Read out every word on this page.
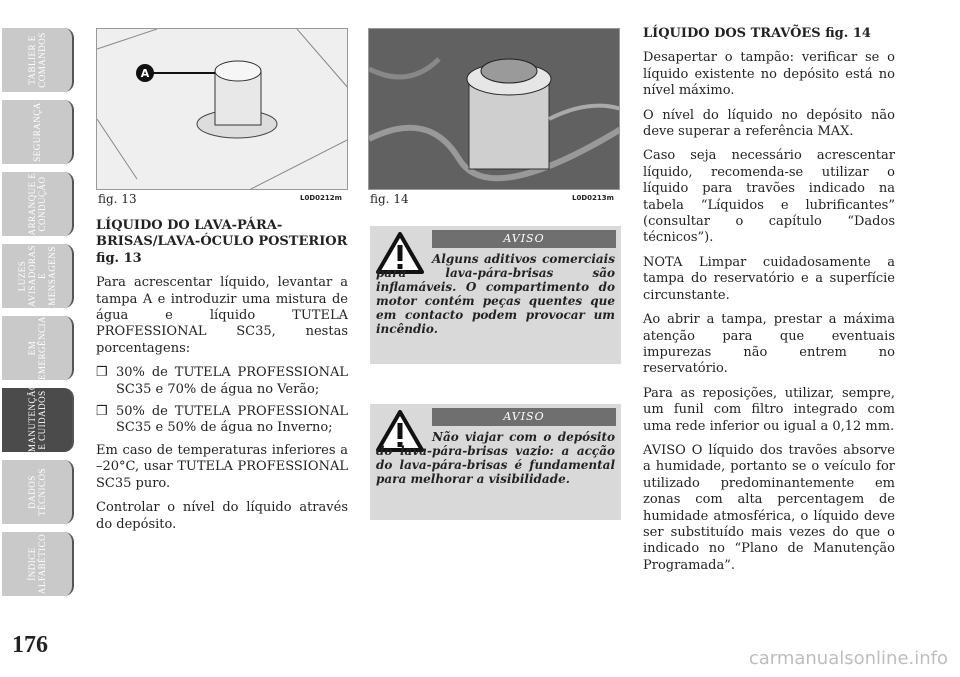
TABLIER E COMANDOS
SEGURANÇA
ARRANQUE E CONDUÇÃO
LUZES AVISADORAS E MENSAGENS
EM EMERGÊNCIA
MANUTENÇÃO E CUIDADOS
DADOS TÉCNICOS
ÍNDICE ALFABÉTICO
176
A
fig. 13	L0D0212m fig. 14	L0D0213m

LÍQUIDO DO LAVA-PÁRA-BRISAS/LAVA-ÓCULO POSTERIOR fig. 13

Para acrescentar líquido, levantar a tampa A e introduzir uma mistura de água e líquido TUTELA PROFESSIONAL SC35, nestas porcentagens:

❒ 30% de TUTELA PROFESSIONAL SC35 e 70% de água no Verão;
❒ 50% de TUTELA PROFESSIONAL SC35 e 50% de água no Inverno;

Em caso de temperaturas inferiores a –20°C, usar TUTELA PROFESSIONAL SC35 puro.

Controlar o nível do líquido através do depósito.

AVISO
Alguns aditivos comerciais para lava-pára-brisas são inflamáveis. O compartimento do motor contém peças quentes que em contacto podem provocar um incêndio.
AVISO
Não viajar com o depósito do lava-pára-brisas vazio: a acção do lava-pára-brisas é fundamental para melhorar a visibilidade.

LÍQUIDO DOS TRAVÕES fig. 14

Desapertar o tampão: verificar se o líquido existente no depósito está no nível máximo.

O nível do líquido no depósito não deve superar a referência MAX.

Caso seja necessário acrescentar líquido, recomenda-se utilizar o líquido para travões indicado na tabela “Líquidos e lubrificantes” (consultar o capítulo “Dados técnicos”).

NOTA Limpar cuidadosamente a tampa do reservatório e a superfície circunstante.

Ao abrir a tampa, prestar a máxima atenção para que eventuais impurezas não entrem no reservatório.

Para as reposições, utilizar, sempre, um funil com filtro integrado com uma rede inferior ou igual a 0,12 mm.

AVISO O líquido dos travões absorve a humidade, portanto se o veículo for utilizado predominantemente em zonas com alta percentagem de humidade atmosférica, o líquido deve ser substituído mais vezes do que o indicado no “Plano de Manutenção Programada”.

carmanualsonline.info
